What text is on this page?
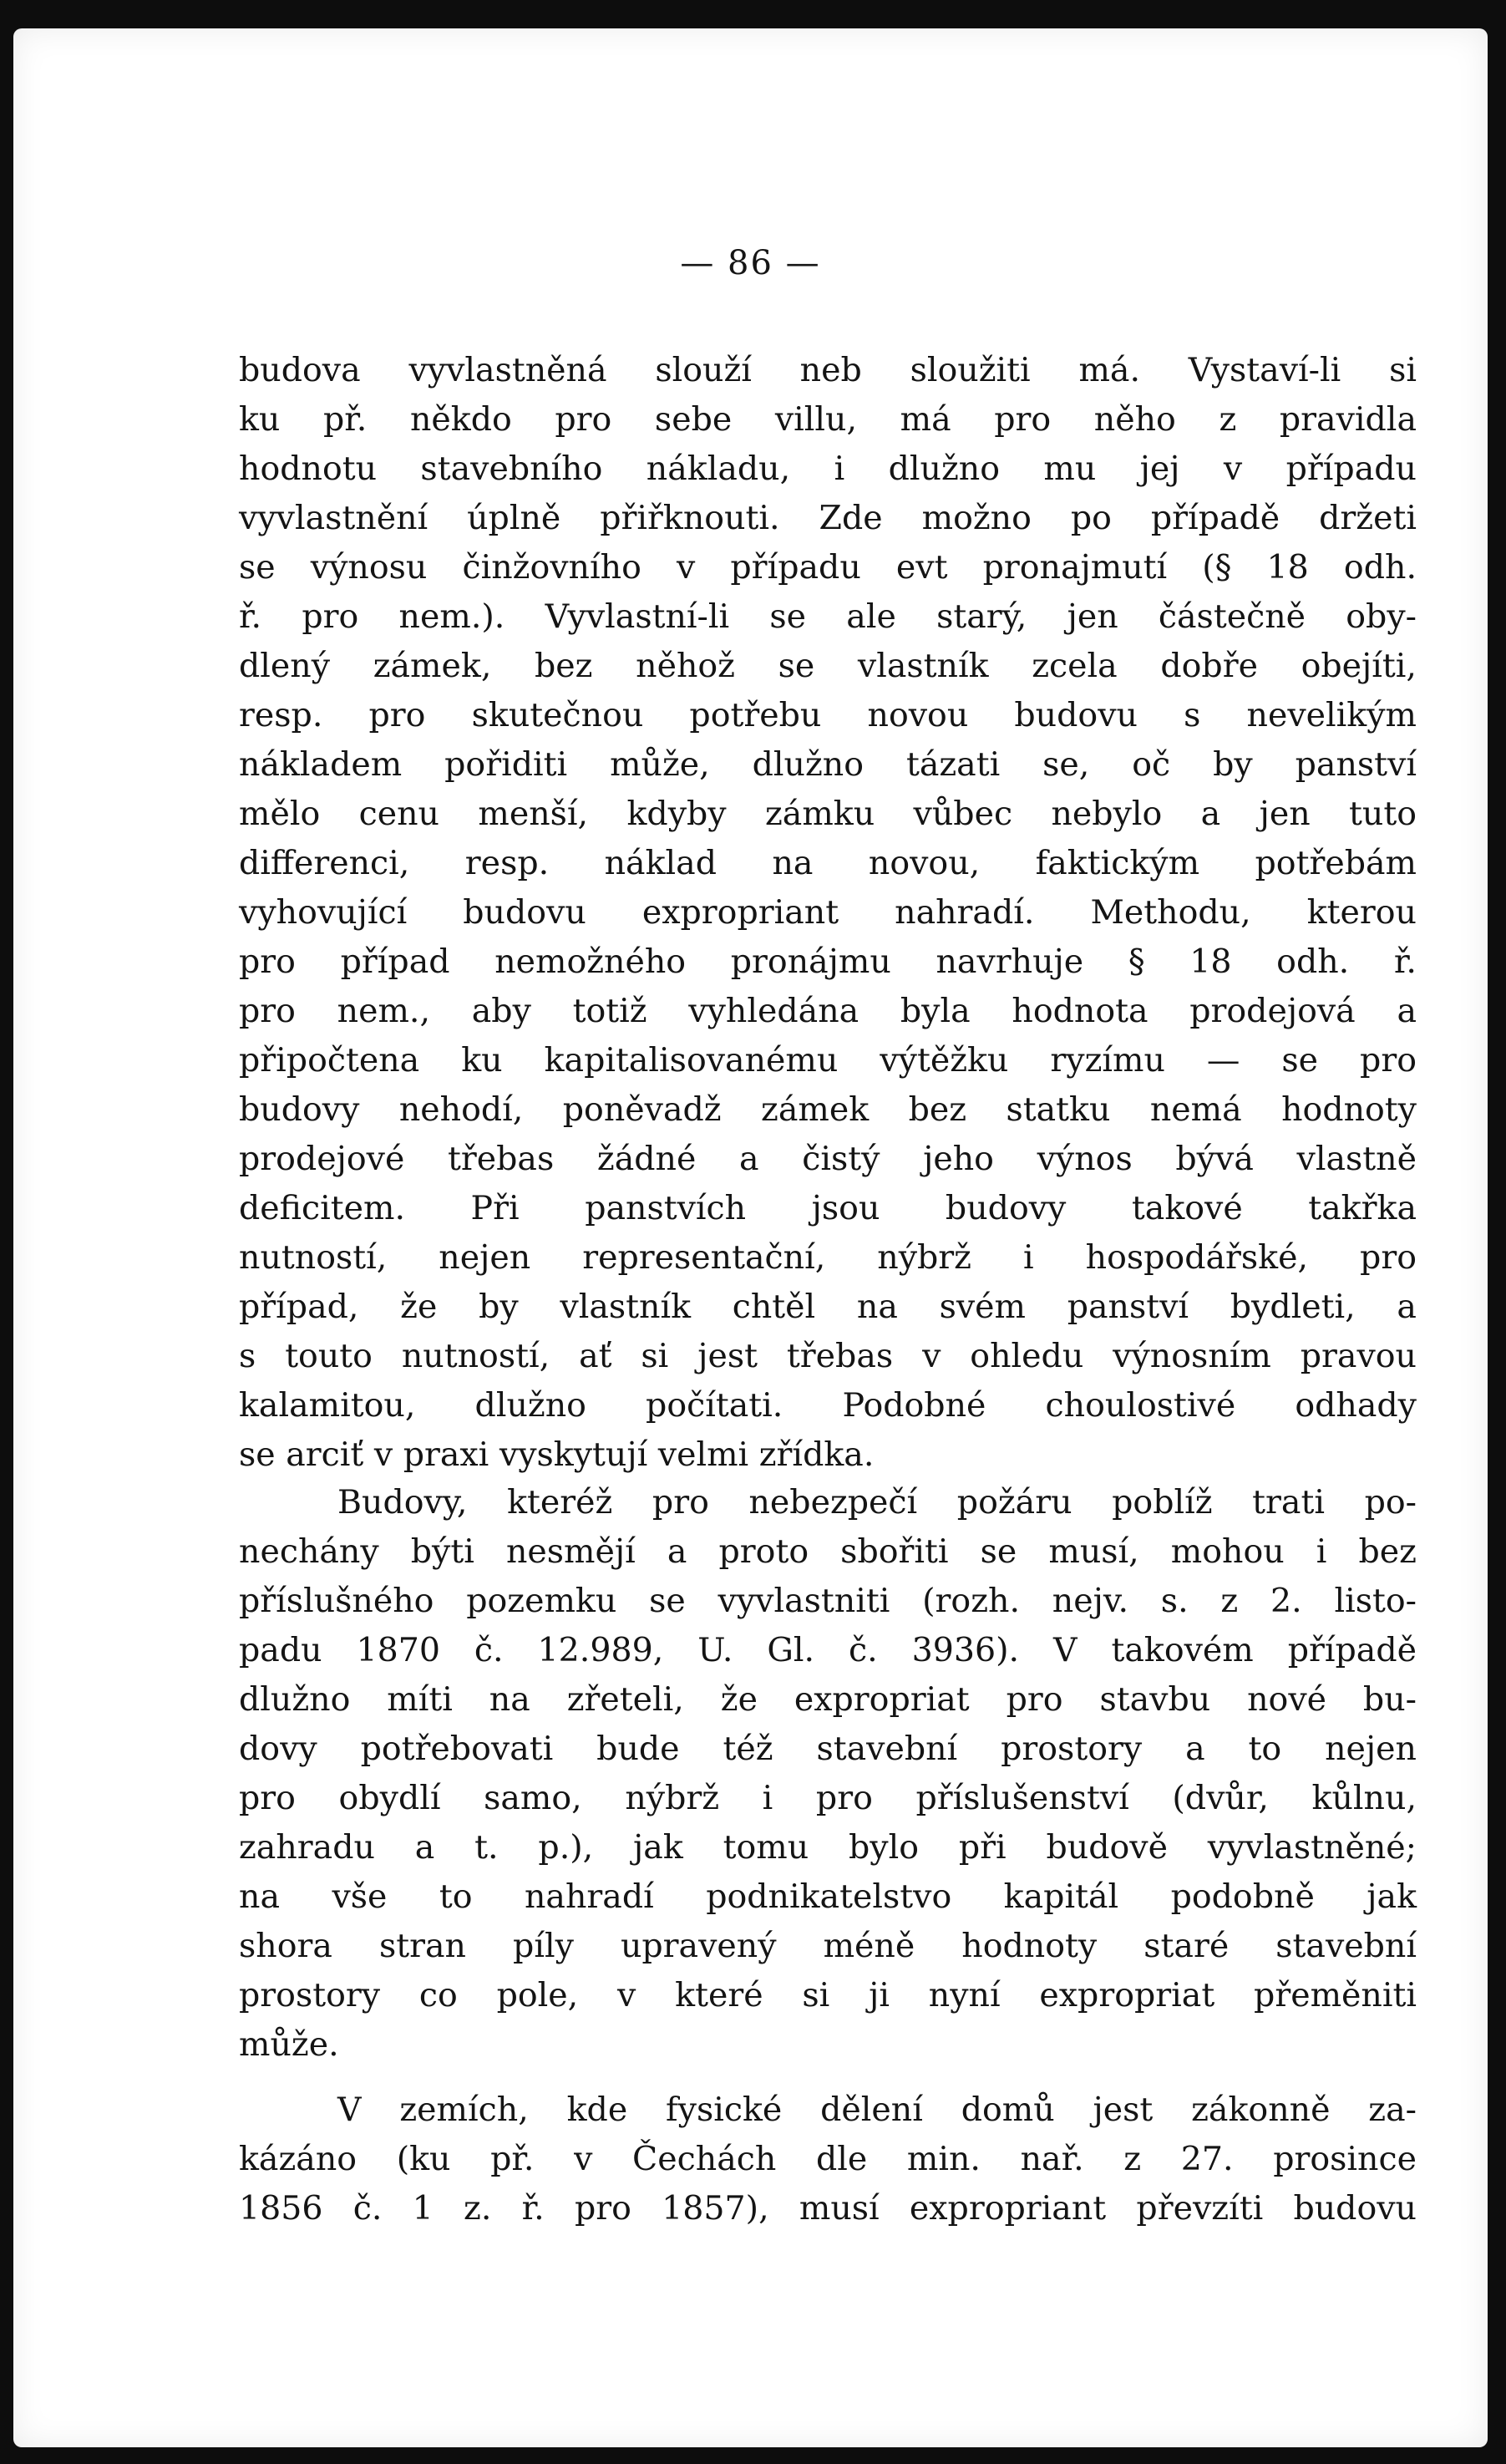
— 86 —
budova vyvlastněná slouží neb sloužiti má. Vystaví-li si
ku př. někdo pro sebe villu, má pro něho z pravidla
hodnotu stavebního nákladu, i dlužno mu jej v případu
vyvlastnění úplně přiřknouti. Zde možno po případě držeti
se výnosu činžovního v případu evt pronajmutí (§ 18 odh.
ř. pro nem.). Vyvlastní-li se ale starý, jen částečně oby-
dlený zámek, bez něhož se vlastník zcela dobře obejíti,
resp. pro skutečnou potřebu novou budovu s nevelikým
nákladem pořiditi může, dlužno tázati se, oč by panství
mělo cenu menší, kdyby zámku vůbec nebylo a jen tuto
differenci, resp. náklad na novou, faktickým potřebám
vyhovující budovu expropriant nahradí. Methodu, kterou
pro případ nemožného pronájmu navrhuje § 18 odh. ř.
pro nem., aby totiž vyhledána byla hodnota prodejová a
připočtena ku kapitalisovanému výtěžku ryzímu — se pro
budovy nehodí, poněvadž zámek bez statku nemá hodnoty
prodejové třebas žádné a čistý jeho výnos bývá vlastně
deficitem. Při panstvích jsou budovy takové takřka
nutností, nejen representační, nýbrž i hospodářské, pro
případ, že by vlastník chtěl na svém panství bydleti, a
s touto nutností, ať si jest třebas v ohledu výnosním pravou
kalamitou, dlužno počítati. Podobné choulostivé odhady
se arciť v praxi vyskytují velmi zřídka.
Budovy, kteréž pro nebezpečí požáru poblíž trati po-
nechány býti nesmějí a proto sbořiti se musí, mohou i bez
příslušného pozemku se vyvlastniti (rozh. nejv. s. z 2. listo-
padu 1870 č. 12.989, U. Gl. č. 3936). V takovém případě
dlužno míti na zřeteli, že expropriat pro stavbu nové bu-
dovy potřebovati bude též stavební prostory a to nejen
pro obydlí samo, nýbrž i pro příslušenství (dvůr, kůlnu,
zahradu a t. p.), jak tomu bylo při budově vyvlastněné;
na vše to nahradí podnikatelstvo kapitál podobně jak
shora stran píly upravený méně hodnoty staré stavební
prostory co pole, v které si ji nyní expropriat přeměniti
může.
V zemích, kde fysické dělení domů jest zákonně za-
kázáno (ku př. v Čechách dle min. nař. z 27. prosince
1856 č. 1 z. ř. pro 1857), musí expropriant převzíti budovu
